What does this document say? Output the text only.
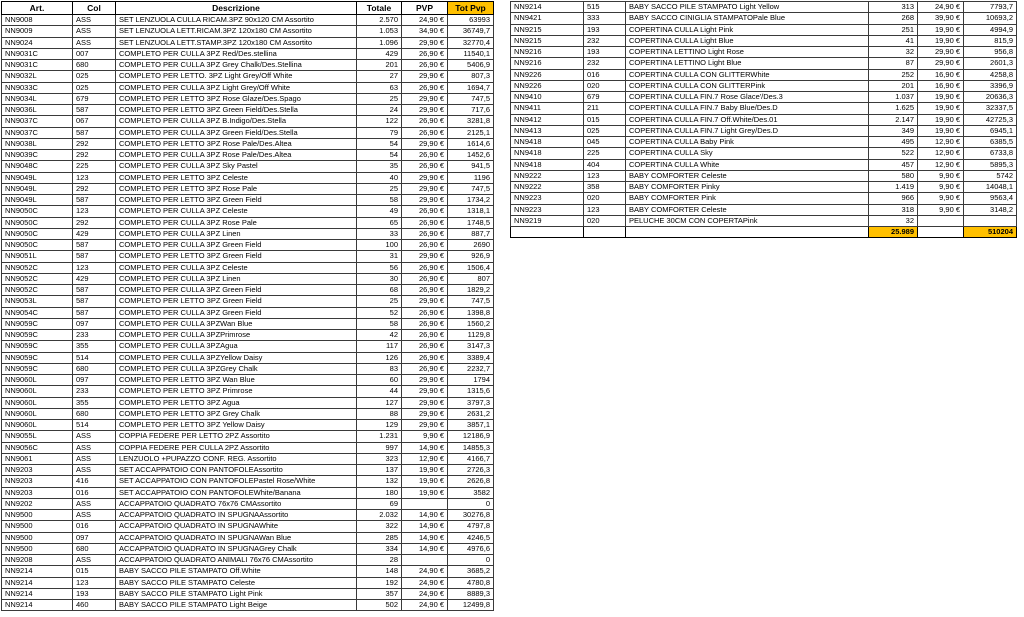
Art.	Col	Descrizione	Totale	PVP	Tot Pvp
NN9008	ASS	SET LENZUOLA CULLA RICAM.3PZ 90x120 CM Assortito	2.570	24,90 €	63993
NN9009	ASS	SET LENZUOLA LETT.RICAM.3PZ 120x180 CM Assortito	1.053	34,90 €	36749,7
NN9024	ASS	SET LENZUOLA LETT.STAMP.3PZ 120x180 CM Assortito	1.096	29,90 €	32770,4
NN9031C	007	COMPLETO PER CULLA 3PZ Red/Des.stellina	429	26,90 €	11540,1
NN9031C	680	COMPLETO PER CULLA 3PZ Grey Chalk/Des.Stellina	201	26,90 €	5406,9
NN9032L	025	COMPLETO PER LETTO. 3PZ Light Grey/Off White	27	29,90 €	807,3
NN9033C	025	COMPLETO PER CULLA 3PZ Light Grey/Off White	63	26,90 €	1694,7
NN9034L	679	COMPLETO PER LETTO 3PZ Rose Glaze/Des.Spago	25	29,90 €	747,5
NN9036L	587	COMPLETO PER LETTO 3PZ Green Field/Des.Stella	24	29,90 €	717,6
NN9037C	067	COMPLETO PER CULLA 3PZ B.Indigo/Des.Stella	122	26,90 €	3281,8
NN9037C	587	COMPLETO PER CULLA 3PZ Green Field/Des.Stella	79	26,90 €	2125,1
NN9038L	292	COMPLETO PER LETTO 3PZ Rose Pale/Des.Altea	54	29,90 €	1614,6
NN9039C	292	COMPLETO PER CULLA 3PZ Rose Pale/Des.Altea	54	26,90 €	1452,6
NN9048C	225	COMPLETO PER CULLA 3PZ Sky Pastel	35	26,90 €	941,5
NN9049L	123	COMPLETO PER LETTO 3PZ Celeste	40	29,90 €	1196
NN9049L	292	COMPLETO PER LETTO 3PZ Rose Pale	25	29,90 €	747,5
NN9049L	587	COMPLETO PER LETTO 3PZ Green Field	58	29,90 €	1734,2
NN9050C	123	COMPLETO PER CULLA 3PZ Celeste	49	26,90 €	1318,1
NN9050C	292	COMPLETO PER CULLA 3PZ Rose Pale	65	26,90 €	1748,5
NN9050C	429	COMPLETO PER CULLA 3PZ Linen	33	26,90 €	887,7
NN9050C	587	COMPLETO PER CULLA 3PZ Green Field	100	26,90 €	2690
NN9051L	587	COMPLETO PER LETTO 3PZ Green Field	31	29,90 €	926,9
NN9052C	123	COMPLETO PER CULLA 3PZ Celeste	56	26,90 €	1506,4
NN9052C	429	COMPLETO PER CULLA 3PZ Linen	30	26,90 €	807
NN9052C	587	COMPLETO PER CULLA 3PZ Green Field	68	26,90 €	1829,2
NN9053L	587	COMPLETO PER LETTO 3PZ Green Field	25	29,90 €	747,5
NN9054C	587	COMPLETO PER CULLA 3PZ Green Field	52	26,90 €	1398,8
NN9059C	097	COMPLETO PER CULLA 3PZWan Blue	58	26,90 €	1560,2
NN9059C	233	COMPLETO PER CULLA 3PZPrimrose	42	26,90 €	1129,8
NN9059C	355	COMPLETO PER CULLA 3PZAgua	117	26,90 €	3147,3
NN9059C	514	COMPLETO PER CULLA 3PZYellow Daisy	126	26,90 €	3389,4
NN9059C	680	COMPLETO PER CULLA 3PZGrey Chalk	83	26,90 €	2232,7
NN9060L	097	COMPLETO PER LETTO 3PZ Wan Blue	60	29,90 €	1794
NN9060L	233	COMPLETO PER LETTO 3PZ Primrose	44	29,90 €	1315,6
NN9060L	355	COMPLETO PER LETTO 3PZ Agua	127	29,90 €	3797,3
NN9060L	680	COMPLETO PER LETTO 3PZ Grey Chalk	88	29,90 €	2631,2
NN9060L	514	COMPLETO PER LETTO 3PZ Yellow Daisy	129	29,90 €	3857,1
NN9055L	ASS	COPPIA FEDERE PER LETTO 2PZ Assortito	1.231	9,90 €	12186,9
NN9056C	ASS	COPPIA FEDERE PER CULLA 2PZ Assortito	997	14,90 €	14855,3
NN9061	ASS	LENZUOLO +PUPAZZO CONF. REG. Assortito	323	12,90 €	4166,7
NN9203	ASS	SET ACCAPPATOIO CON PANTOFOLEAssortito	137	19,90 €	2726,3
NN9203	416	SET ACCAPPATOIO CON PANTOFOLEPastel Rose/White	132	19,90 €	2626,8
NN9203	016	SET ACCAPPATOIO CON PANTOFOLEWhite/Banana	180	19,90 €	3582
NN9202	ASS	ACCAPPATOIO QUADRATO 76x76 CMAssortito	69		0
NN9500	ASS	ACCAPPATOIO QUADRATO IN SPUGNAAssortito	2.032	14,90 €	30276,8
NN9500	016	ACCAPPATOIO QUADRATO IN SPUGNAWhite	322	14,90 €	4797,8
NN9500	097	ACCAPPATOIO QUADRATO IN SPUGNAWan Blue	285	14,90 €	4246,5
NN9500	680	ACCAPPATOIO QUADRATO IN SPUGNAGrey Chalk	334	14,90 €	4976,6
NN9208	ASS	ACCAPPATOIO QUADRATO ANIMALI 76x76 CMAssortito	28		0
NN9214	015	BABY SACCO PILE STAMPATO Off.White	148	24,90 €	3685,2
NN9214	123	BABY SACCO PILE STAMPATO Celeste	192	24,90 €	4780,8
NN9214	193	BABY SACCO PILE STAMPATO Light Pink	357	24,90 €	8889,3
NN9214	460	BABY SACCO PILE STAMPATO Light Beige	502	24,90 €	12499,8
NN9214	515	BABY SACCO PILE STAMPATO Light Yellow	313	24,90 €	7793,7
NN9421	333	BABY SACCO CINIGLIA STAMPATOPale Blue	268	39,90 €	10693,2
NN9215	193	COPERTINA CULLA Light Pink	251	19,90 €	4994,9
NN9215	232	COPERTINA CULLA Light Blue	41	19,90 €	815,9
NN9216	193	COPERTINA LETTINO Light Rose	32	29,90 €	956,8
NN9216	232	COPERTINA LETTINO Light Blue	87	29,90 €	2601,3
NN9226	016	COPERTINA CULLA CON GLITTERWhite	252	16,90 €	4258,8
NN9226	020	COPERTINA CULLA CON GLITTERPink	201	16,90 €	3396,9
NN9410	679	COPERTINA CULLA FIN.7 Rose Glace'/Des.3	1.037	19,90 €	20636,3
NN9411	211	COPERTINA CULLA FIN.7 Baby Blue/Des.D	1.625	19,90 €	32337,5
NN9412	015	COPERTINA CULLA FIN.7 Off.White/Des.01	2.147	19,90 €	42725,3
NN9413	025	COPERTINA CULLA FIN.7 Light Grey/Des.D	349	19,90 €	6945,1
NN9418	045	COPERTINA CULLA Baby Pink	495	12,90 €	6385,5
NN9418	225	COPERTINA CULLA Sky	522	12,90 €	6733,8
NN9418	404	COPERTINA CULLA White	457	12,90 €	5895,3
NN9222	123	BABY COMFORTER Celeste	580	9,90 €	5742
NN9222	358	BABY COMFORTER Pinky	1.419	9,90 €	14048,1
NN9223	020	BABY COMFORTER Pink	966	9,90 €	9563,4
NN9223	123	BABY COMFORTER Celeste	318	9,90 €	3148,2
NN9219	020	PELUCHE 30CM CON COPERTAPink	32		
			25.989		510204
